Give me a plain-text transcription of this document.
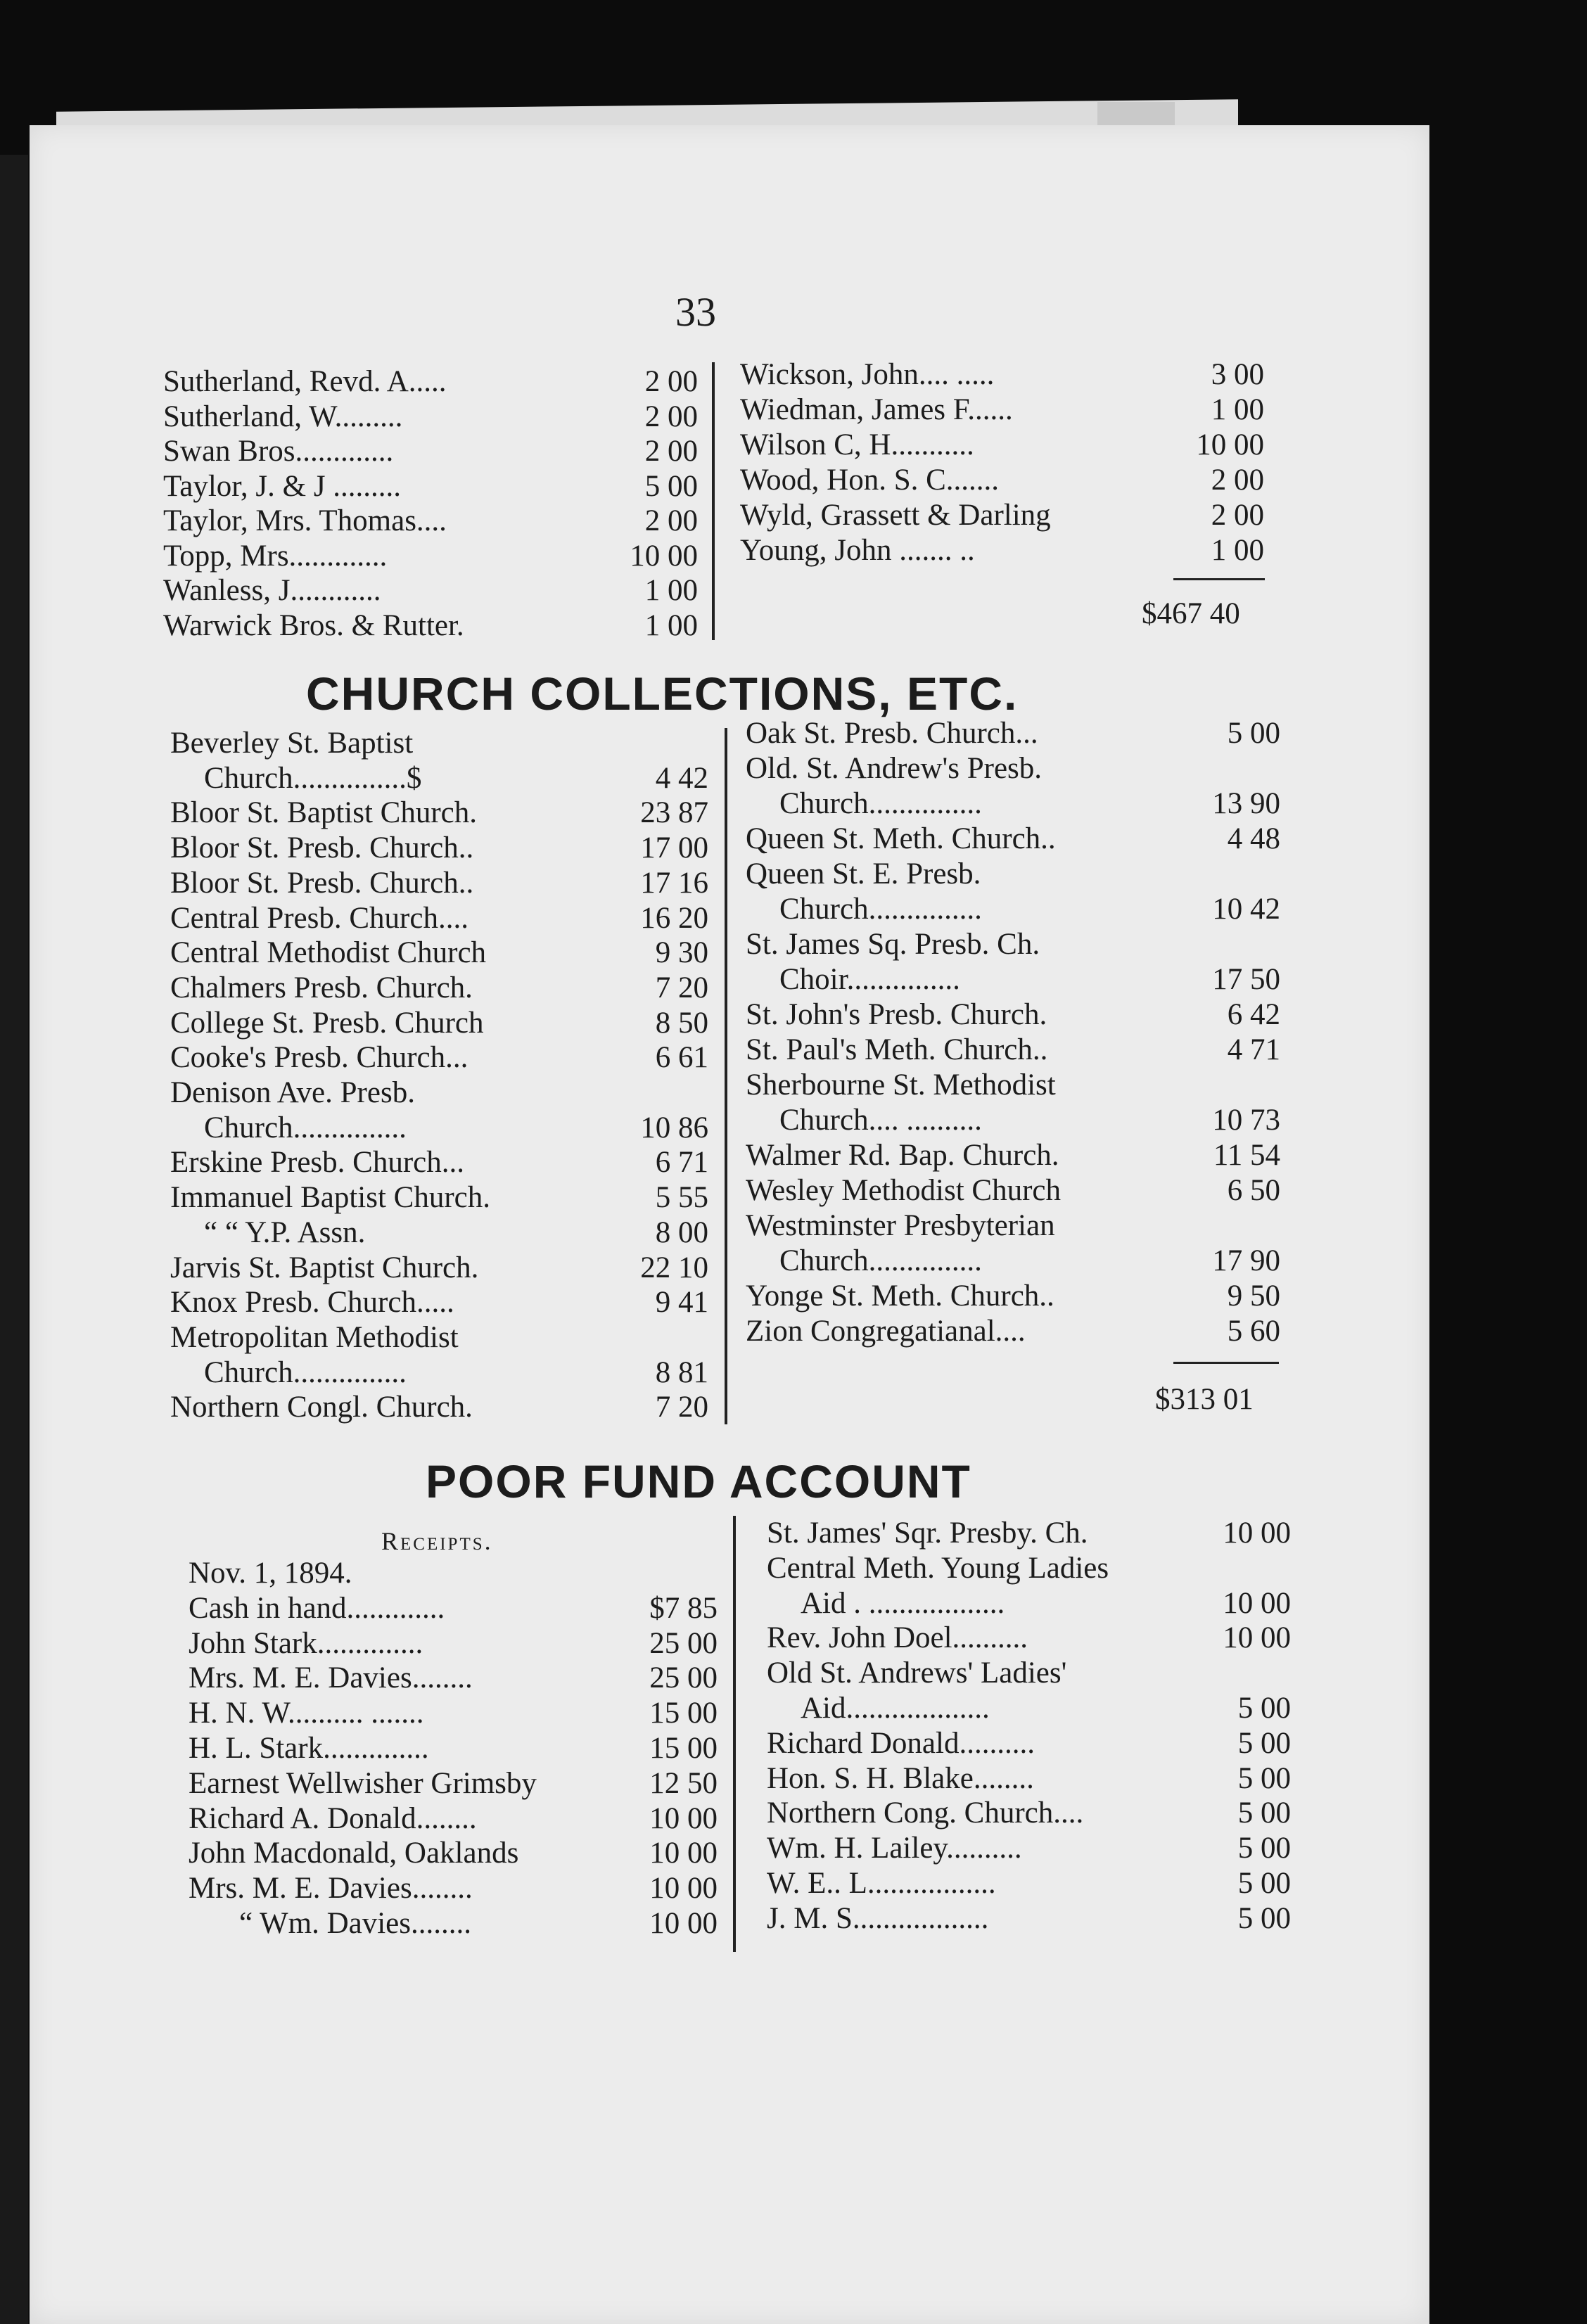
33
Sutherland, Revd. A.....	2 00
Sutherland, W.........	2 00
Swan Bros.............	2 00
Taylor, J. & J .........	5 00
Taylor, Mrs. Thomas....	2 00
Topp, Mrs.............	10 00
Wanless, J............	1 00
Warwick Bros. & Rutter.	1 00
Wickson, John.... .....	3 00
Wiedman, James F......	1 00
Wilson C, H...........	10 00
Wood, Hon. S. C.......	2 00
Wyld, Grassett & Darling	2 00
Young, John ....... ..	1 00
$467 40
CHURCH COLLECTIONS, ETC.
Beverley St. Baptist
Church...............$	4 42
Bloor St. Baptist Church.	23 87
Bloor St. Presb. Church..	17 00
Bloor St. Presb. Church..	17 16
Central Presb. Church....	16 20
Central Methodist Church	9 30
Chalmers Presb. Church.	7 20
College St. Presb. Church	8 50
Cooke's Presb. Church...	6 61
Denison Ave. Presb.
Church...............	10 86
Erskine Presb. Church...	6 71
Immanuel Baptist Church.	5 55
“ “ Y.P. Assn.	8 00
Jarvis St. Baptist Church.	22 10
Knox Presb. Church.....	9 41
Metropolitan Methodist
Church...............	8 81
Northern Congl. Church.	7 20
Oak St. Presb. Church...	5 00
Old. St. Andrew's Presb.
Church...............	13 90
Queen St. Meth. Church..	4 48
Queen St. E. Presb.
Church...............	10 42
St. James Sq. Presb. Ch.
Choir...............	17 50
St. John's Presb. Church.	6 42
St. Paul's Meth. Church..	4 71
Sherbourne St. Methodist
Church.... ..........	10 73
Walmer Rd. Bap. Church.	11 54
Wesley Methodist Church	6 50
Westminster Presbyterian
Church...............	17 90
Yonge St. Meth. Church..	9 50
Zion Congregatianal....	5 60
$313 01
POOR FUND ACCOUNT
Receipts.
Nov. 1, 1894.
Cash in hand.............	$7 85
John Stark..............	25 00
Mrs. M. E. Davies........	25 00
H. N. W.......... .......	15 00
H. L. Stark..............	15 00
Earnest Wellwisher Grimsby	12 50
Richard A. Donald........	10 00
John Macdonald, Oaklands	10 00
Mrs. M. E. Davies........	10 00
“ Wm. Davies........	10 00
St. James' Sqr. Presby. Ch.	10 00
Central Meth. Young Ladies
Aid . ..................	10 00
Rev. John Doel..........	10 00
Old St. Andrews' Ladies'
Aid...................	5 00
Richard Donald..........	5 00
Hon. S. H. Blake........	5 00
Northern Cong. Church....	5 00
Wm. H. Lailey..........	5 00
W. E.. L.................	5 00
J. M. S..................	5 00
